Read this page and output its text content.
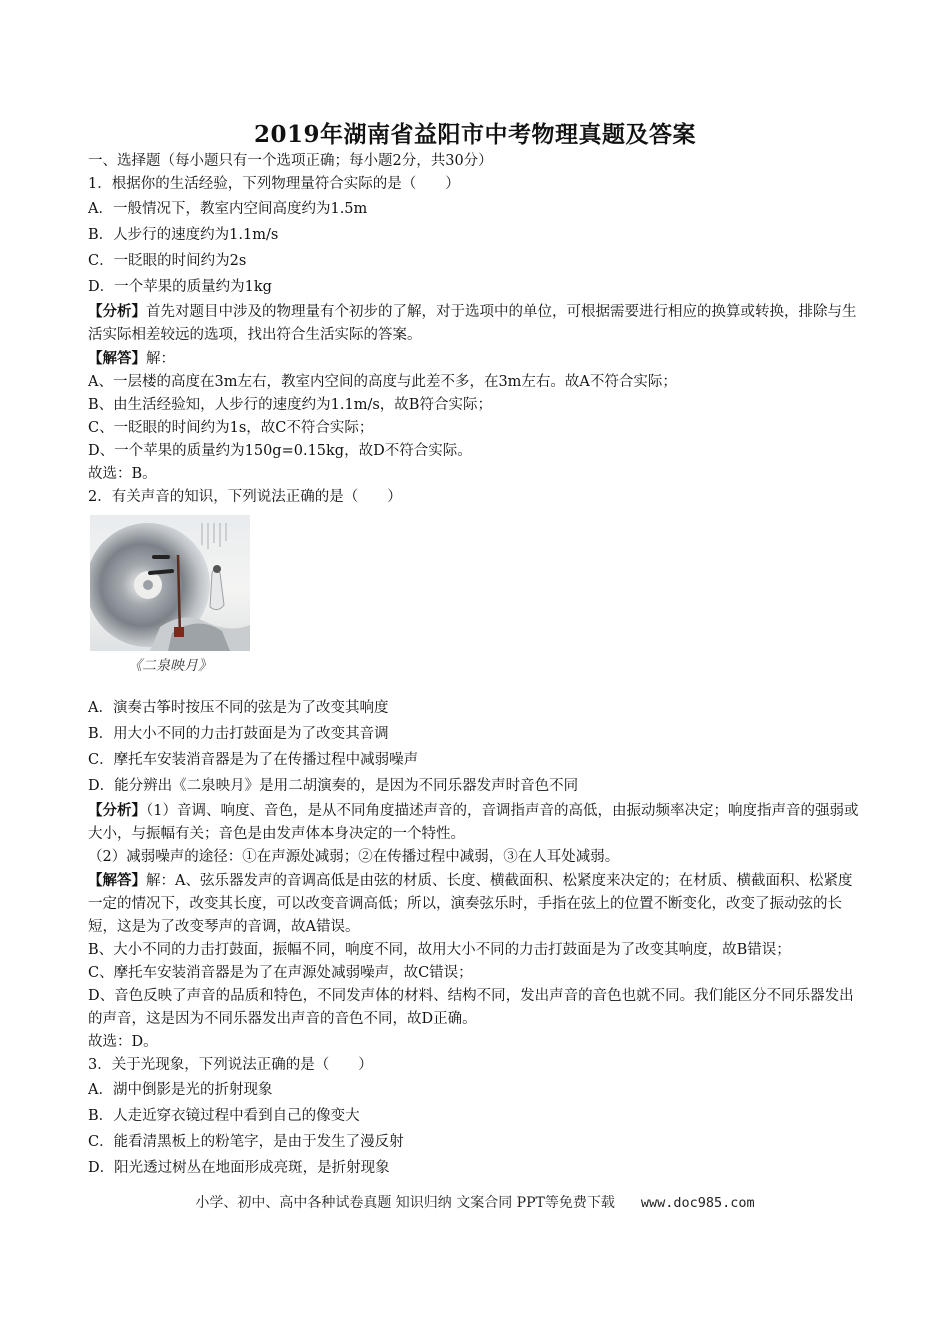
2019年湖南省益阳市中考物理真题及答案

一、选择题（每小题只有一个选项正确；每小题2分，共30分）

1．根据你的生活经验，下列物理量符合实际的是（　　）

A．一般情况下，教室内空间高度约为1.5m

B．人步行的速度约为1.1m/s

C．一眨眼的时间约为2s

D．一个苹果的质量约为1kg

【分析】首先对题目中涉及的物理量有个初步的了解，对于选项中的单位，可根据需要进行相应的换算或转换，排除与生活实际相差较远的选项，找出符合生活实际的答案。

【解答】解：

A、一层楼的高度在3m左右，教室内空间的高度与此差不多，在3m左右。故A不符合实际；

B、由生活经验知，人步行的速度约为1.1m/s，故B符合实际；

C、一眨眼的时间约为1s，故C不符合实际；

D、一个苹果的质量约为150g=0.15kg，故D不符合实际。

故选：B。

2．有关声音的知识，下列说法正确的是（　　）

《二泉映月》

A．演奏古筝时按压不同的弦是为了改变其响度

B．用大小不同的力击打鼓面是为了改变其音调

C．摩托车安装消音器是为了在传播过程中减弱噪声

D．能分辨出《二泉映月》是用二胡演奏的，是因为不同乐器发声时音色不同

【分析】（1）音调、响度、音色，是从不同角度描述声音的，音调指声音的高低，由振动频率决定；响度指声音的强弱或大小，与振幅有关；音色是由发声体本身决定的一个特性。

（2）减弱噪声的途径：①在声源处减弱；②在传播过程中减弱，③在人耳处减弱。

【解答】解：A、弦乐器发声的音调高低是由弦的材质、长度、横截面积、松紧度来决定的；在材质、横截面积、松紧度一定的情况下，改变其长度，可以改变音调高低；所以，演奏弦乐时，手指在弦上的位置不断变化，改变了振动弦的长短，这是为了改变琴声的音调，故A错误。

B、大小不同的力击打鼓面，振幅不同，响度不同，故用大小不同的力击打鼓面是为了改变其响度，故B错误；

C、摩托车安装消音器是为了在声源处减弱噪声，故C错误；

D、音色反映了声音的品质和特色，不同发声体的材料、结构不同，发出声音的音色也就不同。我们能区分不同乐器发出的声音，这是因为不同乐器发出声音的音色不同，故D正确。

故选：D。

3．关于光现象，下列说法正确的是（　　）

A．湖中倒影是光的折射现象

B．人走近穿衣镜过程中看到自己的像变大

C．能看清黑板上的粉笔字，是由于发生了漫反射

D．阳光透过树丛在地面形成亮斑，是折射现象

小学、初中、高中各种试卷真题 知识归纳 文案合同 PPT等免费下载 www.doc985.com
